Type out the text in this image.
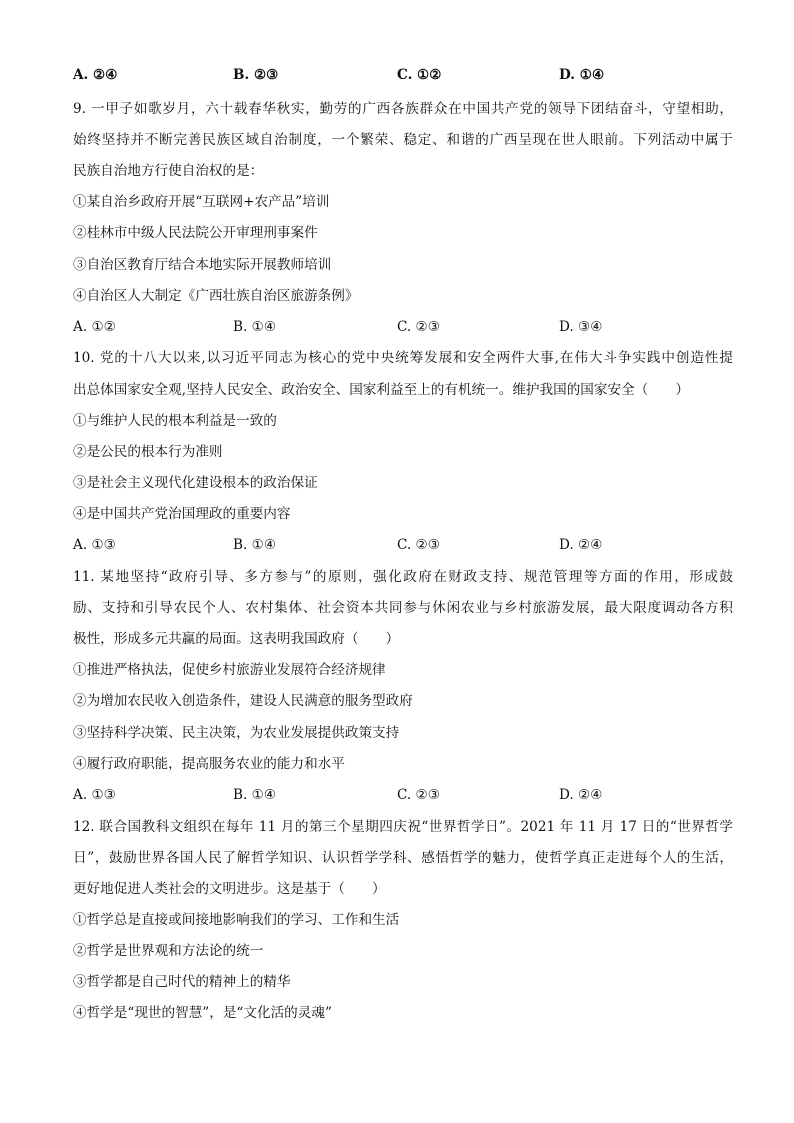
A. ②④	B. ②③	C. ①②	D. ①④
9. 一甲子如歌岁月，六十载春华秋实，勤劳的广西各族群众在中国共产党的领导下团结奋斗，守望相助，
始终坚持并不断完善民族区域自治制度，一个繁荣、稳定、和谐的广西呈现在世人眼前。下列活动中属于
民族自治地方行使自治权的是：
①某自治乡政府开展“互联网+农产品”培训
②桂林市中级人民法院公开审理刑事案件
③自治区教育厅结合本地实际开展教师培训
④自治区人大制定《广西壮族自治区旅游条例》
A. ①②	B. ①④	C. ②③	D. ③④
10. 党的十八大以来,以习近平同志为核心的党中央统筹发展和安全两件大事,在伟大斗争实践中创造性提
出总体国家安全观,坚持人民安全、政治安全、国家利益至上的有机统一。维护我国的国家安全（　　）
①与维护人民的根本利益是一致的
②是公民的根本行为准则
③是社会主义现代化建设根本的政治保证
④是中国共产党治国理政的重要内容
A. ①③	B. ①④	C. ②③	D. ②④
11. 某地坚持“政府引导、多方参与”的原则，强化政府在财政支持、规范管理等方面的作用，形成鼓
励、支持和引导农民个人、农村集体、社会资本共同参与休闲农业与乡村旅游发展，最大限度调动各方积
极性，形成多元共赢的局面。这表明我国政府（　　）
①推进严格执法，促使乡村旅游业发展符合经济规律
②为增加农民收入创造条件，建设人民满意的服务型政府
③坚持科学决策、民主决策，为农业发展提供政策支持
④履行政府职能，提高服务农业的能力和水平
A. ①③	B. ①④	C. ②③	D. ②④
12. 联合国教科文组织在每年 11 月的第三个星期四庆祝“世界哲学日”。2021 年 11 月 17 日的“世界哲学
日”，鼓励世界各国人民了解哲学知识、认识哲学学科、感悟哲学的魅力，使哲学真正走进每个人的生活，
更好地促进人类社会的文明进步。这是基于（　　）
①哲学总是直接或间接地影响我们的学习、工作和生活
②哲学是世界观和方法论的统一
③哲学都是自己时代的精神上的精华
④哲学是“现世的智慧”，是“文化活的灵魂”
